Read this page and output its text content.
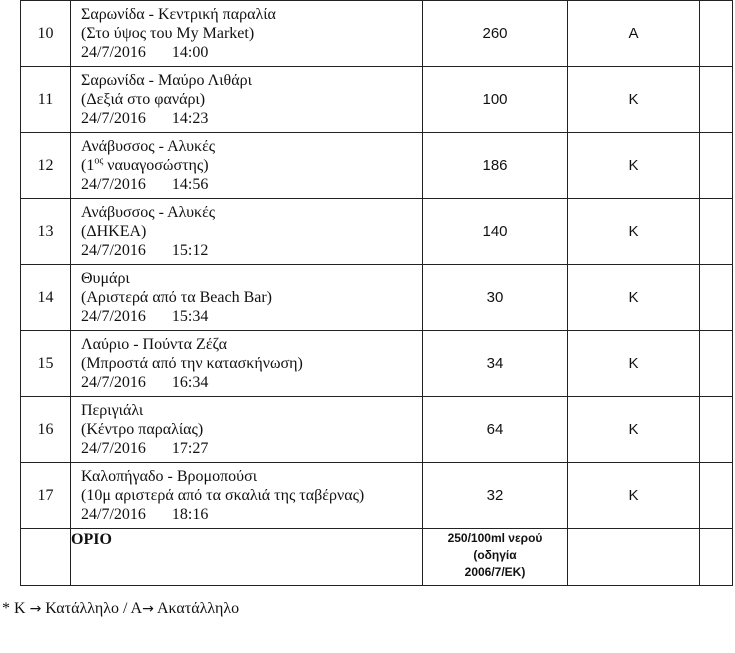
10	Σαρωνίδα - Κεντρική παραλία
(Στο ύψος του My Market)
24/7/2016 14:00	260	Α	
11	Σαρωνίδα - Μαύρο Λιθάρι
(Δεξιά στο φανάρι)
24/7/2016 14:23	100	Κ	
12	Ανάβυσσος - Αλυκές
($1^{o\varsigma}$ ναυαγοσώστης)
24/7/2016 14:56	186	Κ	
13	Ανάβυσσος - Αλυκές
(ΔΗΚΕΑ)
24/7/2016 15:12	140	Κ	
14	Θυμάρι
(Αριστερά από τα Beach Bar)
24/7/2016 15:34	30	Κ	
15	Λαύριο - Πούντα Ζέζα
(Μπροστά από την κατασκήνωση)
24/7/2016 16:34	34	Κ	
16	Περιγιάλι
(Κέντρο παραλίας)
24/7/2016 17:27	64	Κ	
17	Καλοπήγαδο - Βρομοπούσι
(10μ αριστερά από τα σκαλιά της ταβέρνας)
24/7/2016 18:16	32	Κ	
	ΟΡΙΟ	250/100ml νερού
(οδηγία
2006/7/ΕΚ)		

* Κ → Κατάλληλο / Α→ Ακατάλληλο
